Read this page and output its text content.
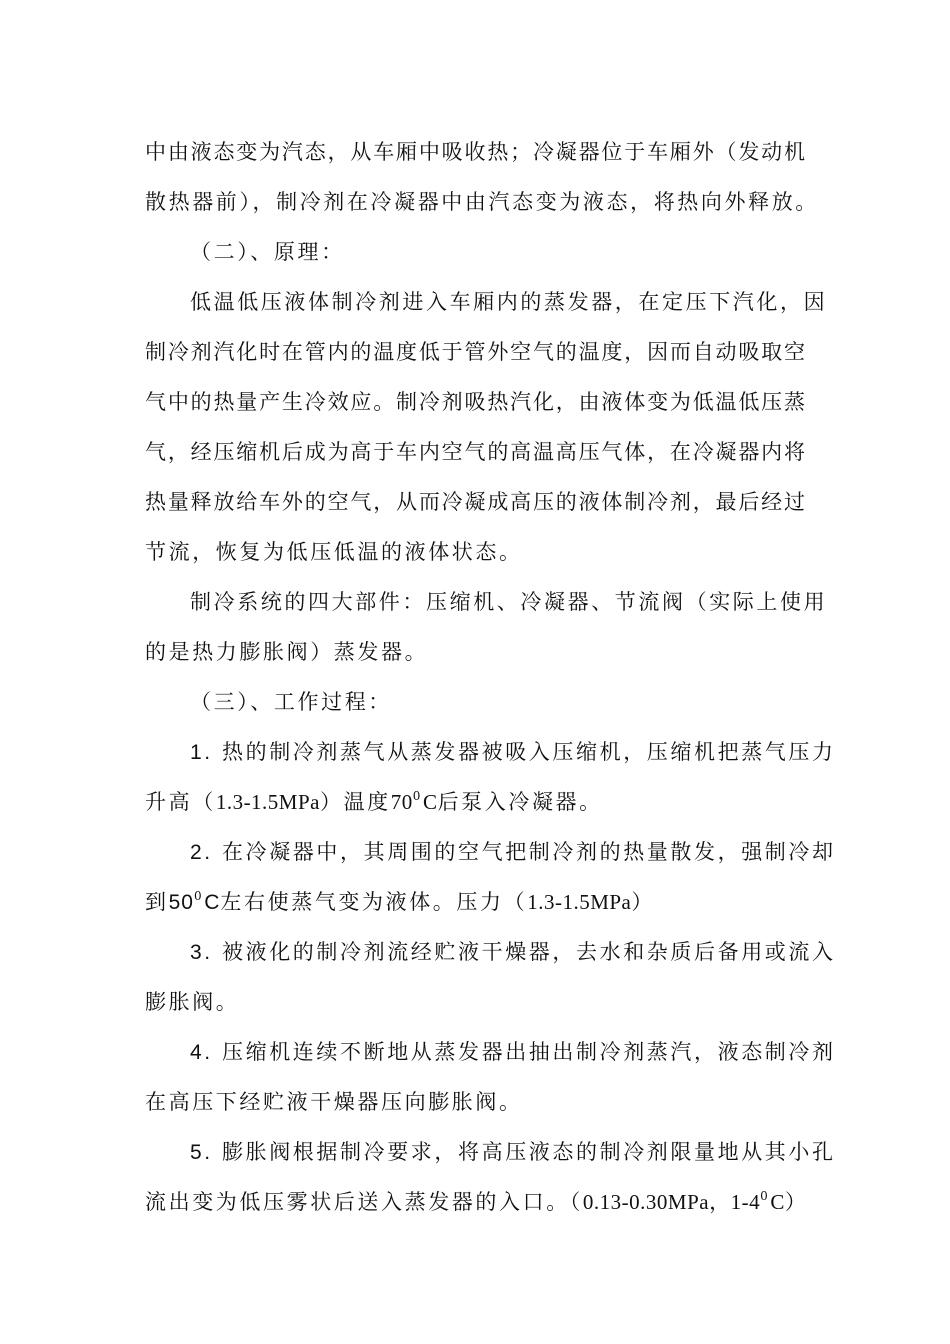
中由液态变为汽态，从车厢中吸收热；冷凝器位于车厢外（发动机
散热器前），制冷剂在冷凝器中由汽态变为液态，将热向外释放。
（二）、原理：
低温低压液体制冷剂进入车厢内的蒸发器，在定压下汽化，因
制冷剂汽化时在管内的温度低于管外空气的温度，因而自动吸取空
气中的热量产生冷效应。制冷剂吸热汽化，由液体变为低温低压蒸
气，经压缩机后成为高于车内空气的高温高压气体，在冷凝器内将
热量释放给车外的空气，从而冷凝成高压的液体制冷剂，最后经过
节流，恢复为低压低温的液体状态。
制冷系统的四大部件：压缩机、冷凝器、节流阀（实际上使用
的是热力膨胀阀）蒸发器。
（三）、工作过程：
1. 热的制冷剂蒸气从蒸发器被吸入压缩机，压缩机把蒸气压力
升高（1.3-1.5MPa）温度$70^0C$后泵入冷凝器。
2. 在冷凝器中，其周围的空气把制冷剂的热量散发，强制冷却
到$50^0C$左右使蒸气变为液体。压力（1.3-1.5MPa）
3. 被液化的制冷剂流经贮液干燥器，去水和杂质后备用或流入
膨胀阀。
4. 压缩机连续不断地从蒸发器出抽出制冷剂蒸汽，液态制冷剂
在高压下经贮液干燥器压向膨胀阀。
5. 膨胀阀根据制冷要求，将高压液态的制冷剂限量地从其小孔
流出变为低压雾状后送入蒸发器的入口。（0.13-0.30MPa，$1-4^0C$）
